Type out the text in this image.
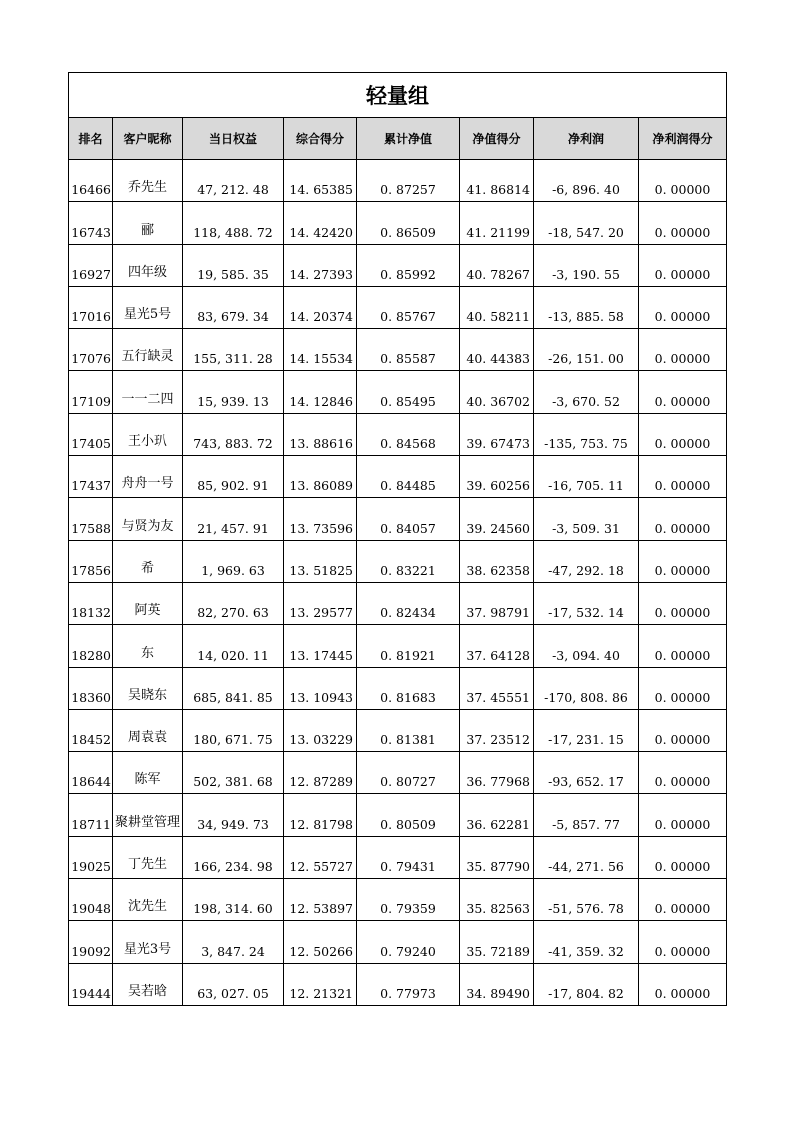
轻量组							
排名	客户昵称	当日权益	综合得分	累计净值	净值得分	净利润	净利润得分
16466	乔先生	47, 212. 48	14. 65385	0. 87257	41. 86814	-6, 896. 40	0. 00000
16743	郦	118, 488. 72	14. 42420	0. 86509	41. 21199	-18, 547. 20	0. 00000
16927	四年级	19, 585. 35	14. 27393	0. 85992	40. 78267	-3, 190. 55	0. 00000
17016	星光5号	83, 679. 34	14. 20374	0. 85767	40. 58211	-13, 885. 58	0. 00000
17076	五行缺灵	155, 311. 28	14. 15534	0. 85587	40. 44383	-26, 151. 00	0. 00000
17109	一一二四	15, 939. 13	14. 12846	0. 85495	40. 36702	-3, 670. 52	0. 00000
17405	王小玐	743, 883. 72	13. 88616	0. 84568	39. 67473	-135, 753. 75	0. 00000
17437	舟舟一号	85, 902. 91	13. 86089	0. 84485	39. 60256	-16, 705. 11	0. 00000
17588	与贤为友	21, 457. 91	13. 73596	0. 84057	39. 24560	-3, 509. 31	0. 00000
17856	希	1, 969. 63	13. 51825	0. 83221	38. 62358	-47, 292. 18	0. 00000
18132	阿英	82, 270. 63	13. 29577	0. 82434	37. 98791	-17, 532. 14	0. 00000
18280	东	14, 020. 11	13. 17445	0. 81921	37. 64128	-3, 094. 40	0. 00000
18360	吴晓东	685, 841. 85	13. 10943	0. 81683	37. 45551	-170, 808. 86	0. 00000
18452	周袁袁	180, 671. 75	13. 03229	0. 81381	37. 23512	-17, 231. 15	0. 00000
18644	陈军	502, 381. 68	12. 87289	0. 80727	36. 77968	-93, 652. 17	0. 00000
18711	聚耕堂管理	34, 949. 73	12. 81798	0. 80509	36. 62281	-5, 857. 77	0. 00000
19025	丁先生	166, 234. 98	12. 55727	0. 79431	35. 87790	-44, 271. 56	0. 00000
19048	沈先生	198, 314. 60	12. 53897	0. 79359	35. 82563	-51, 576. 78	0. 00000
19092	星光3号	3, 847. 24	12. 50266	0. 79240	35. 72189	-41, 359. 32	0. 00000
19444	吴若晗	63, 027. 05	12. 21321	0. 77973	34. 89490	-17, 804. 82	0. 00000
